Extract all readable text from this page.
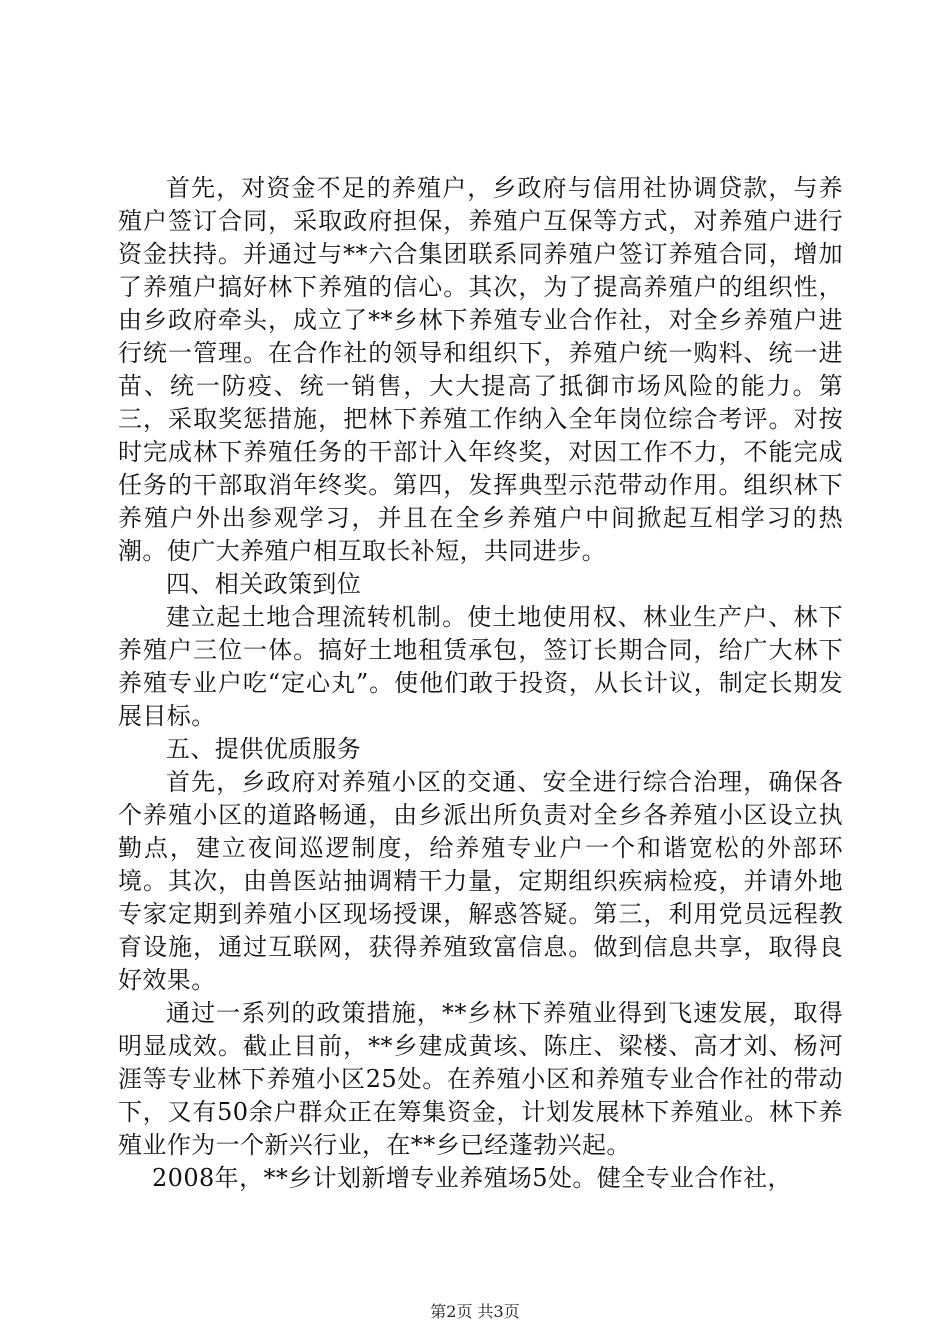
首先，对资金不足的养殖户，乡政府与信用社协调贷款，与养殖户签订合同，采取政府担保，养殖户互保等方式，对养殖户进行资金扶持。并通过与**六合集团联系同养殖户签订养殖合同，增加了养殖户搞好林下养殖的信心。其次，为了提高养殖户的组织性，由乡政府牵头，成立了**乡林下养殖专业合作社，对全乡养殖户进行统一管理。在合作社的领导和组织下，养殖户统一购料、统一进苗、统一防疫、统一销售，大大提高了抵御市场风险的能力。第三，采取奖惩措施，把林下养殖工作纳入全年岗位综合考评。对按时完成林下养殖任务的干部计入年终奖，对因工作不力，不能完成任务的干部取消年终奖。第四，发挥典型示范带动作用。组织林下养殖户外出参观学习，并且在全乡养殖户中间掀起互相学习的热潮。使广大养殖户相互取长补短，共同进步。

四、相关政策到位

建立起土地合理流转机制。使土地使用权、林业生产户、林下养殖户三位一体。搞好土地租赁承包，签订长期合同，给广大林下养殖专业户吃“定心丸”。使他们敢于投资，从长计议，制定长期发展目标。

五、提供优质服务

首先，乡政府对养殖小区的交通、安全进行综合治理，确保各个养殖小区的道路畅通，由乡派出所负责对全乡各养殖小区设立执勤点，建立夜间巡逻制度，给养殖专业户一个和谐宽松的外部环境。其次，由兽医站抽调精干力量，定期组织疾病检疫，并请外地专家定期到养殖小区现场授课，解惑答疑。第三，利用党员远程教育设施，通过互联网，获得养殖致富信息。做到信息共享，取得良好效果。

通过一系列的政策措施，**乡林下养殖业得到飞速发展，取得明显成效。截止目前，**乡建成黄垓、陈庄、梁楼、高才刘、杨河涯等专业林下养殖小区25处。在养殖小区和养殖专业合作社的带动下，又有50余户群众正在筹集资金，计划发展林下养殖业。林下养殖业作为一个新兴行业，在**乡已经蓬勃兴起。

2008年，**乡计划新增专业养殖场5处。健全专业合作社，

第2页 共3页
